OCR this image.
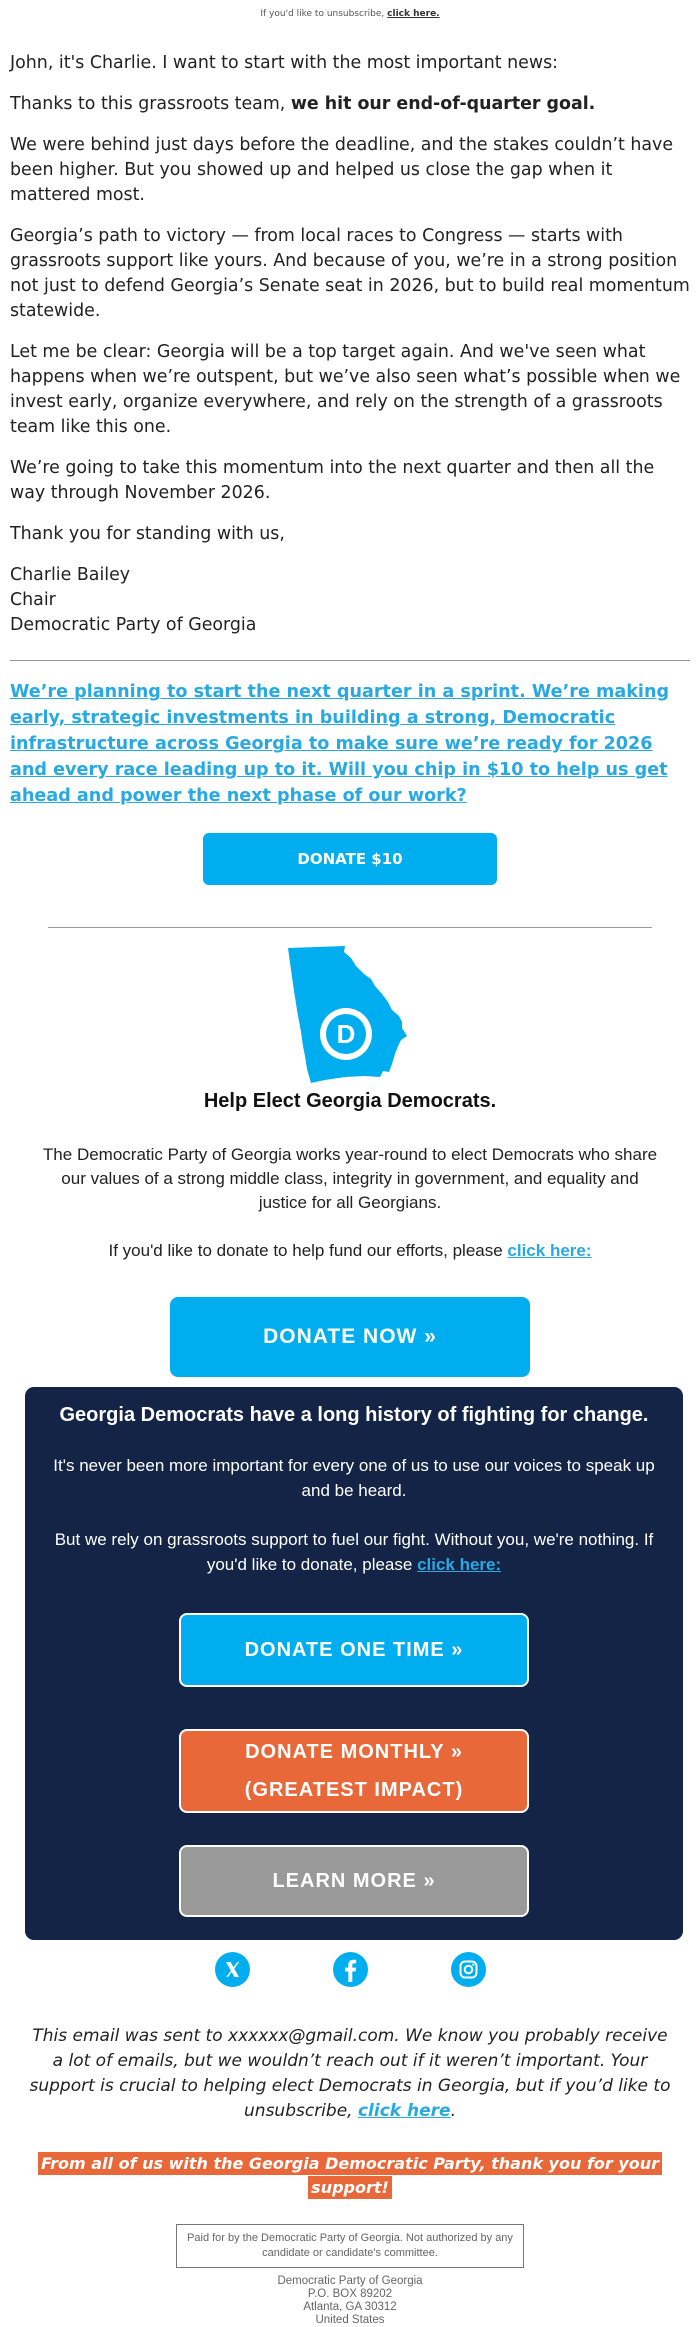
If you'd like to unsubscribe, click here.

John, it's Charlie. I want to start with the most important news:

Thanks to this grassroots team, we hit our end-of-quarter goal.

We were behind just days before the deadline, and the stakes couldn’t have been higher. But you showed up and helped us close the gap when it mattered most.

Georgia’s path to victory — from local races to Congress — starts with grassroots support like yours. And because of you, we’re in a strong position not just to defend Georgia’s Senate seat in 2026, but to build real momentum statewide.

Let me be clear: Georgia will be a top target again. And we've seen what happens when we’re outspent, but we’ve also seen what’s possible when we invest early, organize everywhere, and rely on the strength of a grassroots team like this one.

We’re going to take this momentum into the next quarter and then all the way through November 2026.

Thank you for standing with us,

Charlie Bailey

Chair

Democratic Party of Georgia

We’re planning to start the next quarter in a sprint. We’re making early, strategic investments in building a strong, Democratic infrastructure across Georgia to make sure we’re ready for 2026 and every race leading up to it. Will you chip in $10 to help us get ahead and power the next phase of our work?
DONATE $10
D
Help Elect Georgia Democrats.
The Democratic Party of Georgia works year-round to elect Democrats who share our values of a strong middle class, integrity in government, and equality and justice for all Georgians.
If you'd like to donate to help fund our efforts, please click here:
DONATE NOW »
Georgia Democrats have a long history of fighting for change.
It's never been more important for every one of us to use our voices to speak up and be heard.
But we rely on grassroots support to fuel our fight. Without you, we're nothing. If you'd like to donate, please click here:
DONATE ONE TIME »
DONATE MONTHLY »
(GREATEST IMPACT)
LEARN MORE »
This email was sent to xxxxxx@gmail.com. We know you probably receive a lot of emails, but we wouldn’t reach out if it weren’t important. Your support is crucial to helping elect Democrats in Georgia, but if you’d like to unsubscribe, click here.
From all of us with the Georgia Democratic Party, thank you for your support!
Paid for by the Democratic Party of Georgia. Not authorized by any candidate or candidate's committee.
Democratic Party of Georgia
P.O. BOX 89202
Atlanta, GA 30312
United States
